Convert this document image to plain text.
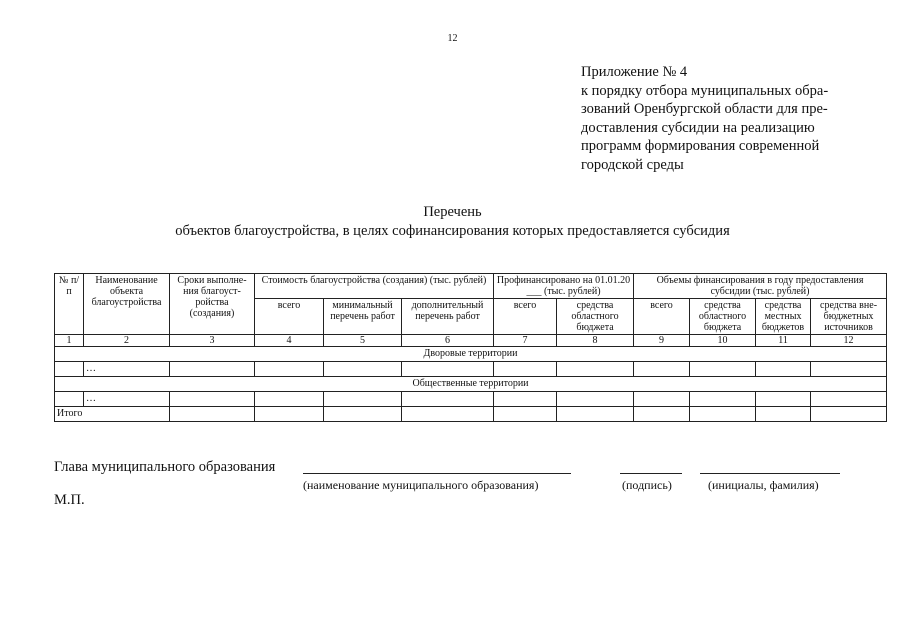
12
Приложение № 4
к порядку отбора муниципальных обра-
зований Оренбургской области для пре-
доставления субсидии на реализацию
программ формирования современной
городской среды
Перечень
объектов благоустройства, в целях софинансирования которых предоставляется субсидия
№ п/п	Наименование объекта благоустройства	Сроки выполне-ния благоуст-ройства (создания)	Стоимость благоустройства (создания) (тыс. рублей)			Профинансировано на 01.01.20 ___ (тыс. рублей)		Объемы финансирования в году предоставления субсидии (тыс. рублей)			
			всего	минимальный перечень работ	дополнительный перечень работ	всего	средства областного бюджета	всего	средства областного бюджета	средства местных бюджетов	средства вне-бюджетных источников
1	2	3	4	5	6	7	8	9	10	11	12
Дворовые территории											
	…										
Общественные территории											
	…										
Итого											
Глава муниципального образования
(наименование муниципального образования)	(подпись)	(инициалы, фамилия)
М.П.
